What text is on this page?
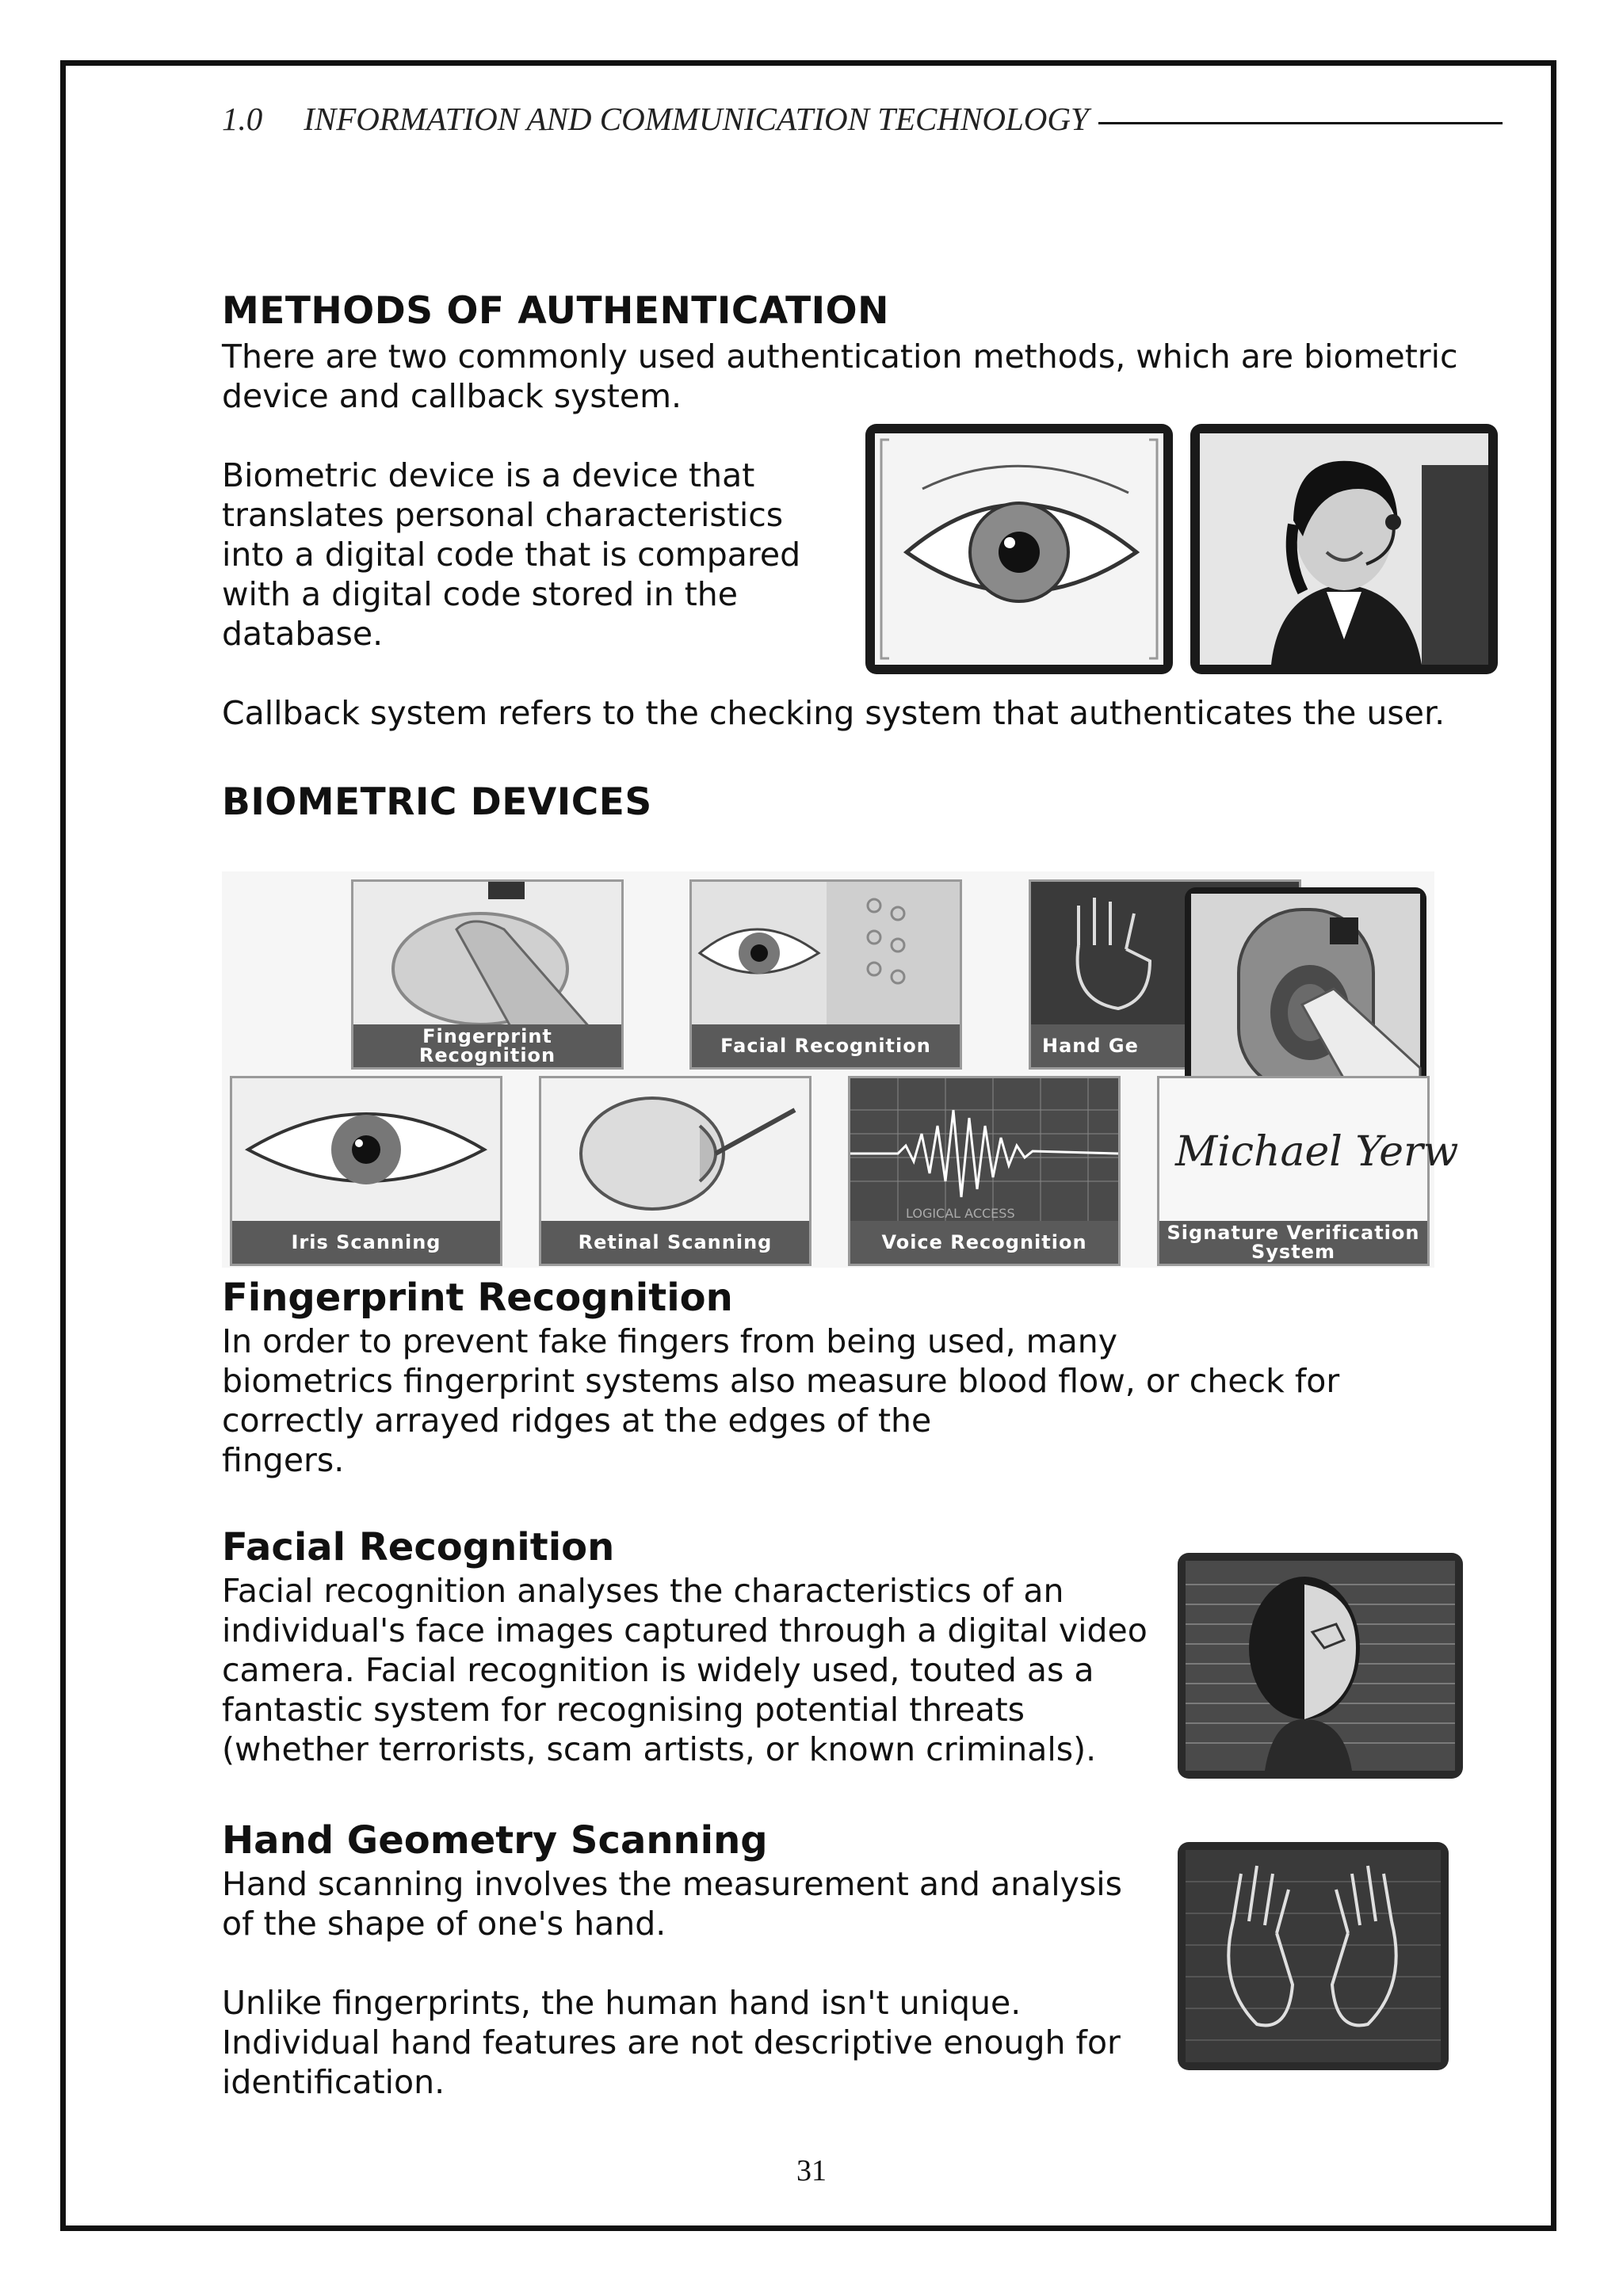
1.0 INFORMATION AND COMMUNICATION TECHNOLOGY
METHODS OF AUTHENTICATION

There are two commonly used authentication methods, which are biometric

device and callback system.

Biometric device is a device that

translates personal characteristics

into a digital code that is compared

with a digital code stored in the

database.

Callback system refers to the checking system that authenticates the user.

BIOMETRIC DEVICES
Fingerprint Recognition	Facial Recognition	Hand Ge
Iris Scanning	Retinal Scanning
LOGICAL ACCESS
Voice Recognition
Michael Yerw
Signature Verification System
Fingerprint Recognition

In order to prevent fake fingers from being used, many

biometrics fingerprint systems also measure blood flow, or check for

correctly arrayed ridges at the edges of the

fingers.

Facial Recognition

Facial recognition analyses the characteristics of an

individual's face images captured through a digital video

camera. Facial recognition is widely used, touted as a

fantastic system for recognising potential threats

(whether terrorists, scam artists, or known criminals).

Hand Geometry Scanning

Hand scanning involves the measurement and analysis

of the shape of one's hand.

Unlike fingerprints, the human hand isn't unique.

Individual hand features are not descriptive enough for

identification.

31
